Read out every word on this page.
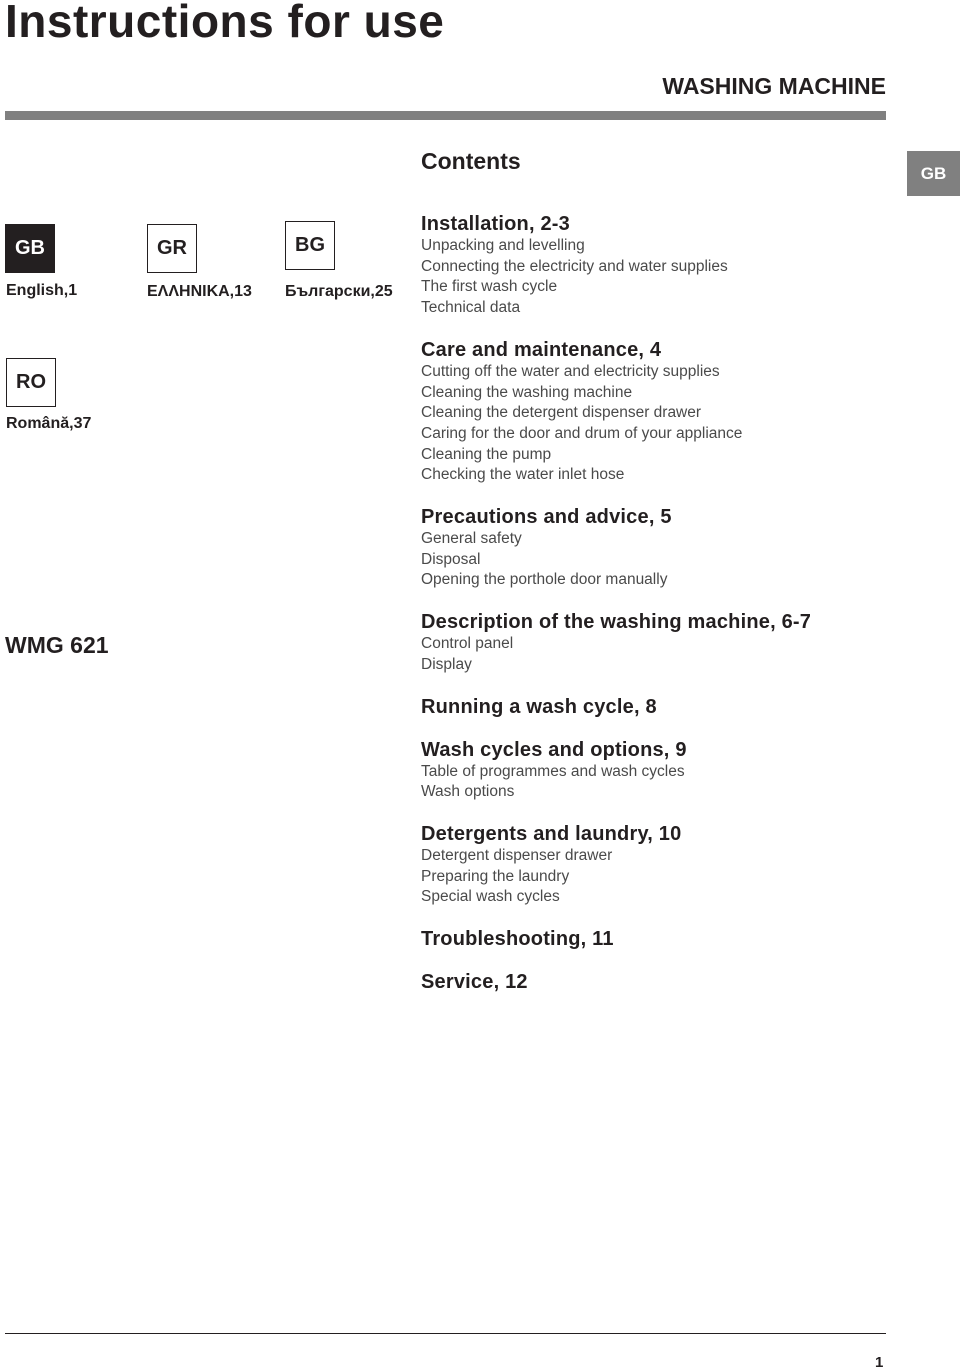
Instructions for use
WASHING MACHINE
GB
Contents
GB
English,1
GR
ΕΛΛΗΝΙΚΑ,13
BG
Български,25
RO
Română,37
WMG 621
Installation, 2-3
Unpacking and levelling
Connecting the electricity and water supplies
The first wash cycle
Technical data
Care and maintenance, 4
Cutting off the water and electricity supplies
Cleaning the washing machine
Cleaning the detergent dispenser drawer
Caring for the door and drum of your appliance
Cleaning the pump
Checking the water inlet hose
Precautions and advice, 5
General safety
Disposal
Opening the porthole door manually
Description of the washing machine, 6-7
Control panel
Display
Running a wash cycle, 8
Wash cycles and options, 9
Table of programmes and wash cycles
Wash options
Detergents and laundry, 10
Detergent dispenser drawer
Preparing the laundry
Special wash cycles
Troubleshooting, 11
Service, 12
1
